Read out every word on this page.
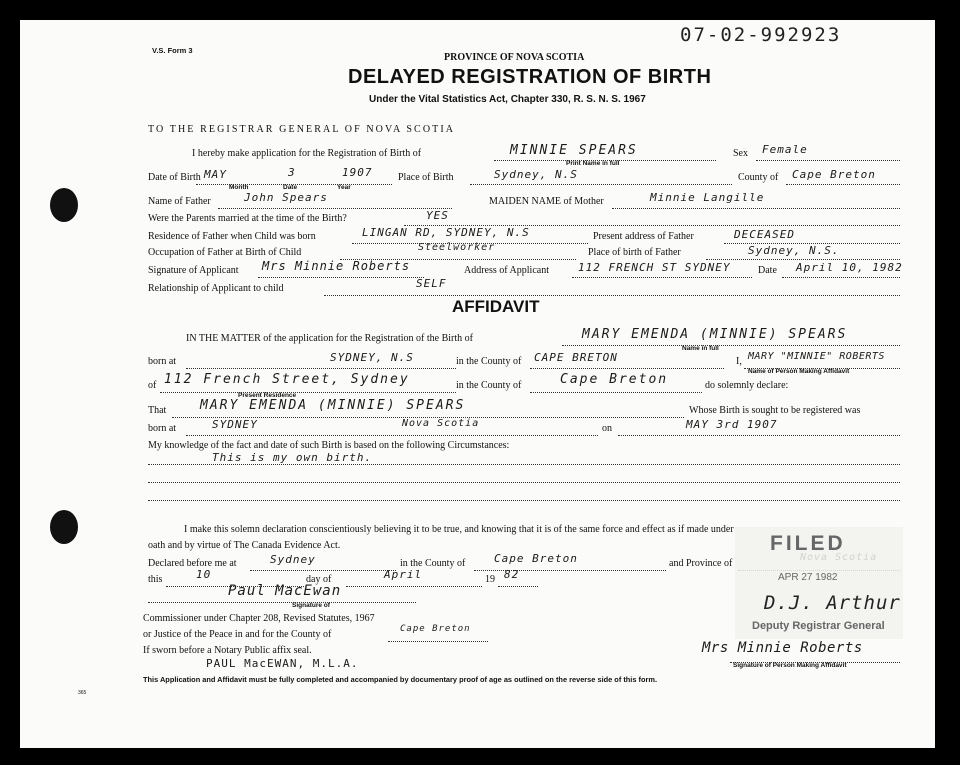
V.S. Form 3
07-02-992923
PROVINCE OF NOVA SCOTIA
DELAYED REGISTRATION OF BIRTH
Under the Vital Statistics Act, Chapter 330, R. S. N. S. 1967
TO THE REGISTRAR GENERAL OF NOVA SCOTIA
I hereby make application for the Registration of Birth of	MINNIE SPEARS
Print Name in full
Sex Female
Date of Birth MAY	3	1907
Month	Date	Year
Place of Birth	Sydney, N.S	County of Cape Breton
Name of Father	John Spears	MAIDEN NAME of Mother	Minnie Langille
Were the Parents married at the time of the Birth?	YES
Residence of Father when Child was born	LINGAN RD, SYDNEY, N.S	Present address of Father	DECEASED
Occupation of Father at Birth of Child	Steelworker	Place of birth of Father	Sydney, N.S.
Signature of Applicant Mrs Minnie Roberts	Address of Applicant	112 FRENCH ST SYDNEY	Date April 10, 1982
Relationship of Applicant to child	SELF
AFFIDAVIT
IN THE MATTER of the application for the Registration of the Birth of	MARY EMENDA (MINNIE) SPEARS
Name in full
born at	SYDNEY, N.S	in the County of CAPE BRETON	I, MARY "MINNIE" ROBERTS
Name of Person Making Affidavit
of 112 French Street, Sydney
Present Residence
in the County of	Cape Breton	do solemnly declare:
That	MARY EMENDA (MINNIE) SPEARS	Whose Birth is sought to be registered was
born at	SYDNEY	Nova Scotia	on	MAY 3rd 1907
My knowledge of the fact and date of such Birth is based on the following Circumstances:
This is my own birth.
I make this solemn declaration conscientiously believing it to be true, and knowing that it is of the same force and effect as if made under
oath and by virtue of The Canada Evidence Act.
Declared before me at	Sydney	in the County of	Cape Breton	and Province of
this	10	day of	April	19 82
Paul MacEwan
Signature of
Commissioner under Chapter 208, Revised Statutes, 1967
or Justice of the Peace in and for the County of	Cape Breton
If sworn before a Notary Public affix seal.
PAUL MacEWAN, M.L.A.
Mrs Minnie Roberts
Signature of Person Making Affidavit
FILED
APR 27 1982
D.J. Arthur
Deputy Registrar General
This Application and Affidavit must be fully completed and accompanied by documentary proof of age as outlined on the reverse side of this form.
365
